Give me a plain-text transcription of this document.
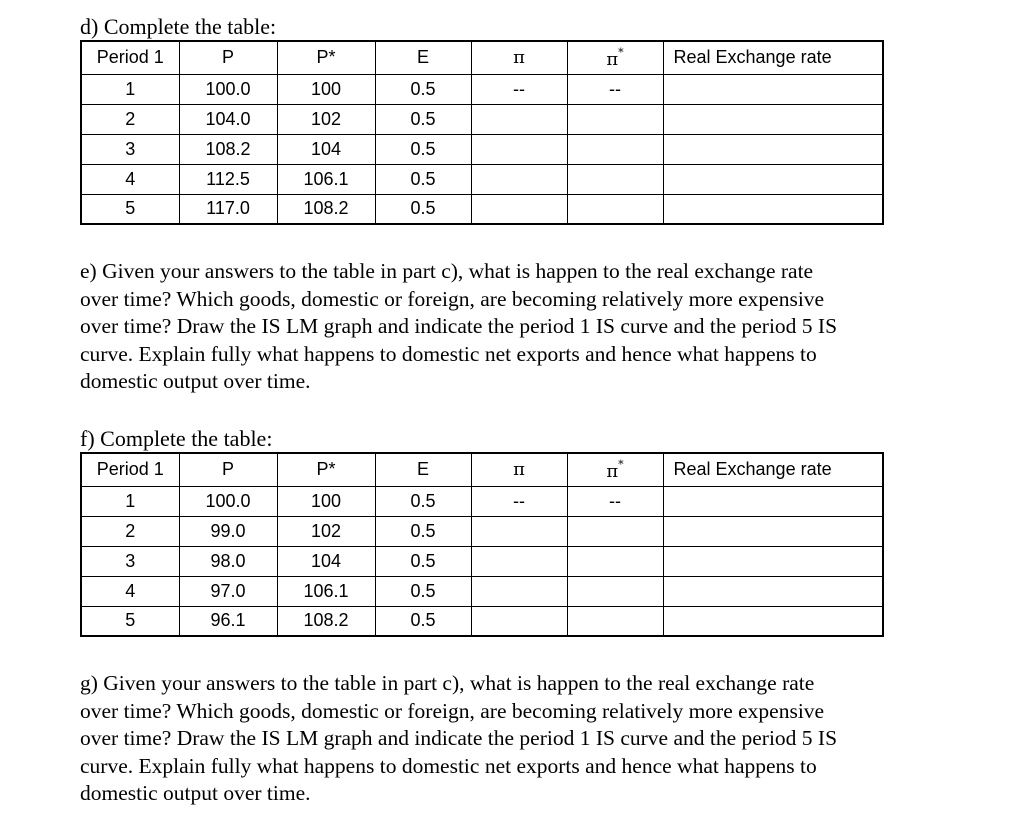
d) Complete the table:
Period 1	P	P*	E	π	π*	Real Exchange rate
1	100.0	100	0.5	--	--	
2	104.0	102	0.5			
3	108.2	104	0.5			
4	112.5	106.1	0.5			
5	117.0	108.2	0.5			
e) Given your answers to the table in part c), what is happen to the real exchange rate
over time? Which goods, domestic or foreign, are becoming relatively more expensive
over time? Draw the IS LM graph and indicate the period 1 IS curve and the period 5 IS
curve. Explain fully what happens to domestic net exports and hence what happens to
domestic output over time.
f) Complete the table:
Period 1	P	P*	E	π	π*	Real Exchange rate
1	100.0	100	0.5	--	--	
2	99.0	102	0.5			
3	98.0	104	0.5			
4	97.0	106.1	0.5			
5	96.1	108.2	0.5			
g) Given your answers to the table in part c), what is happen to the real exchange rate
over time? Which goods, domestic or foreign, are becoming relatively more expensive
over time? Draw the IS LM graph and indicate the period 1 IS curve and the period 5 IS
curve. Explain fully what happens to domestic net exports and hence what happens to
domestic output over time.
